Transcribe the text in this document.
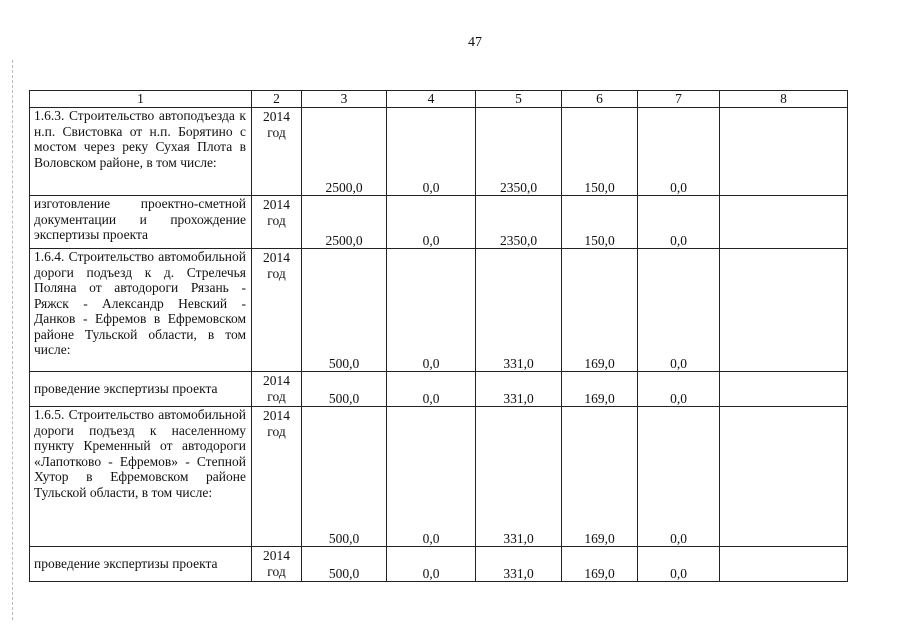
47
1	2	3	4	5	6	7	8

1.6.3. Строительство автоподъезда к н.п. Свистовка от н.п. Борятино с мостом через реку Сухая Плота в Воловском районе, в том числе:	2014 год	2500,0	0,0	2350,0	150,0	0,0	

изготовление проектно-сметной документации и прохождение экспертизы проекта	2014 год	2500,0	0,0	2350,0	150,0	0,0	

1.6.4. Строительство автомобильной дороги подъезд к д. Стрелечья Поляна от автодороги Рязань - Ряжск - Александр Невский - Данков - Ефремов в Ефремовском районе Тульской области, в том числе:	2014 год	500,0	0,0	331,0	169,0	0,0	

проведение экспертизы проекта	2014 год	500,0	0,0	331,0	169,0	0,0	

1.6.5. Строительство автомобильной дороги подъезд к населенному пункту Кременный от автодороги «Лапотково - Ефремов» - Степной Хутор в Ефремовском районе Тульской области, в том числе:	2014 год	500,0	0,0	331,0	169,0	0,0	

проведение экспертизы проекта	2014 год	500,0	0,0	331,0	169,0	0,0	
